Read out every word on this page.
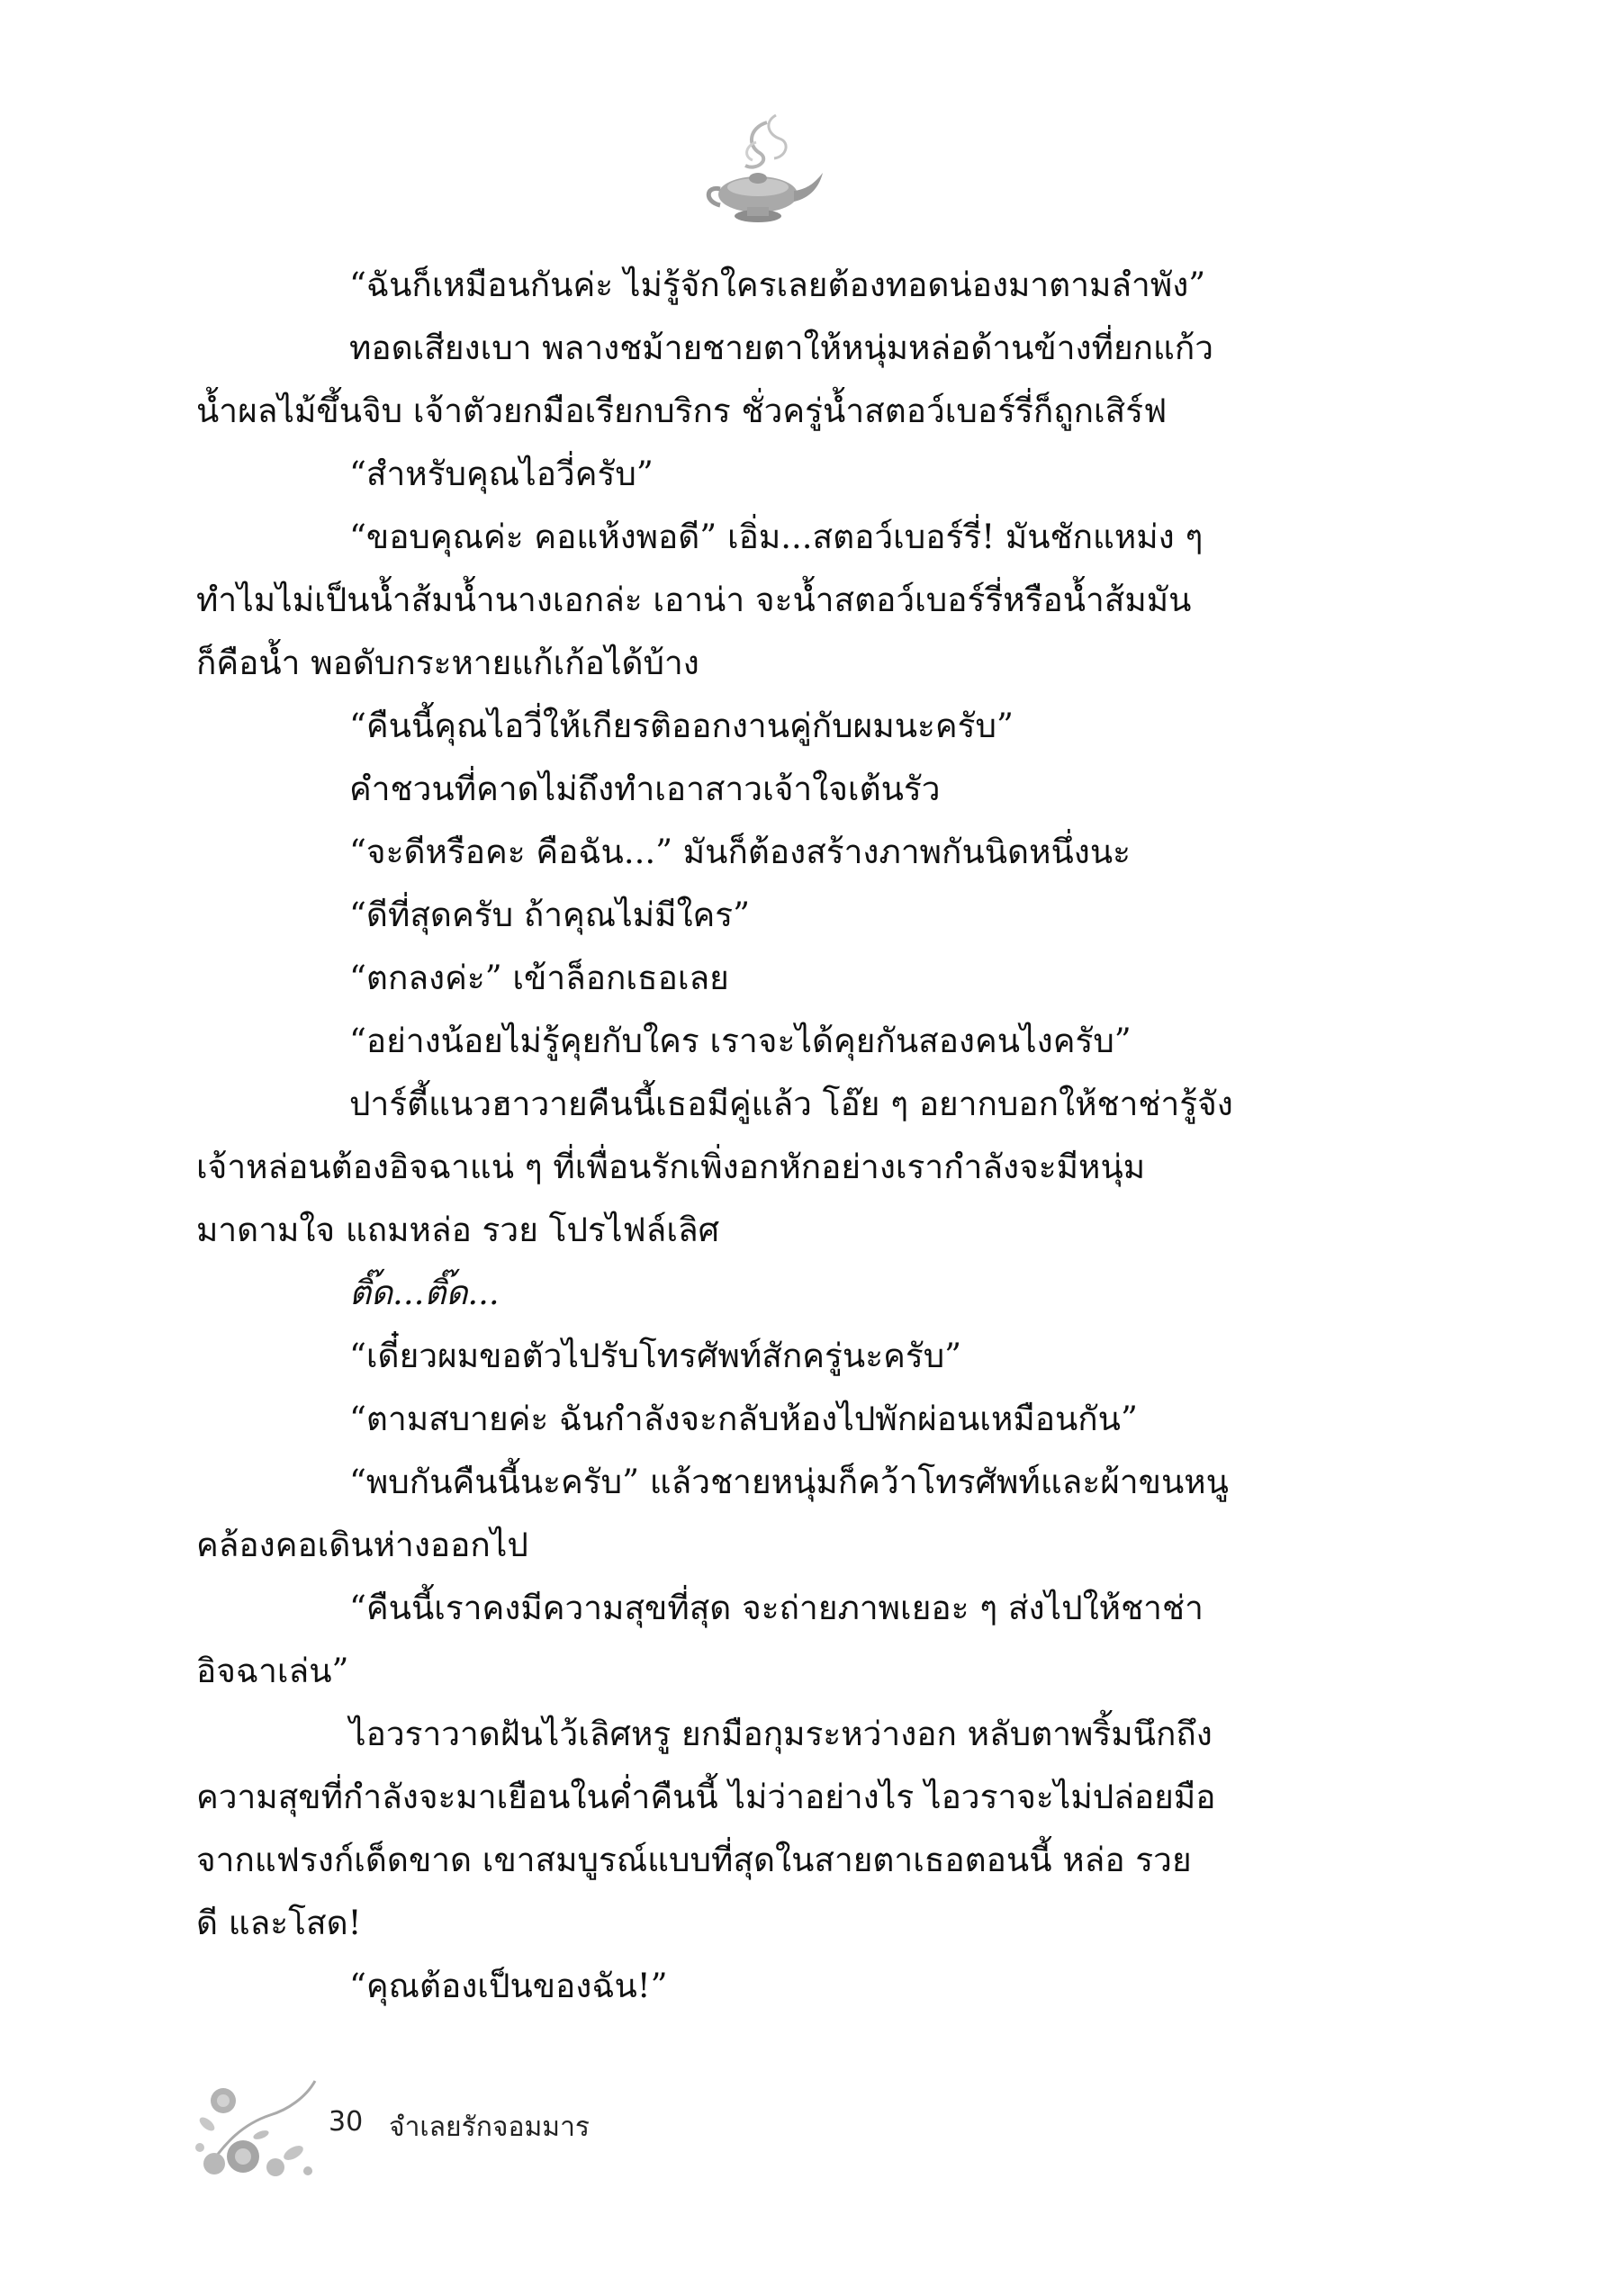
“ฉันก็เหมือนกันค่ะ ไม่รู้จักใครเลยต้องทอดน่องมาตามลำพัง”
ทอดเสียงเบา พลางชม้ายชายตาให้หนุ่มหล่อด้านข้างที่ยกแก้ว
น้ำผลไม้ขึ้นจิบ เจ้าตัวยกมือเรียกบริกร ชั่วครู่น้ำสตอว์เบอร์รี่ก็ถูกเสิร์ฟ
“สำหรับคุณไอวี่ครับ”
“ขอบคุณค่ะ คอแห้งพอดี” เอิ่ม...สตอว์เบอร์รี่! มันชักแหม่ง ๆ
ทำไมไม่เป็นน้ำส้มน้ำนางเอกล่ะ เอาน่า จะน้ำสตอว์เบอร์รี่หรือน้ำส้มมัน
ก็คือน้ำ พอดับกระหายแก้เก้อได้บ้าง
“คืนนี้คุณไอวี่ให้เกียรติออกงานคู่กับผมนะครับ”
คำชวนที่คาดไม่ถึงทำเอาสาวเจ้าใจเต้นรัว
“จะดีหรือคะ คือฉัน...” มันก็ต้องสร้างภาพกันนิดหนึ่งนะ
“ดีที่สุดครับ ถ้าคุณไม่มีใคร”
“ตกลงค่ะ” เข้าล็อกเธอเลย
“อย่างน้อยไม่รู้คุยกับใคร เราจะได้คุยกันสองคนไงครับ”
ปาร์ตี้แนวฮาวายคืนนี้เธอมีคู่แล้ว โอ๊ย ๆ อยากบอกให้ชาช่ารู้จัง
เจ้าหล่อนต้องอิจฉาแน่ ๆ ที่เพื่อนรักเพิ่งอกหักอย่างเรากำลังจะมีหนุ่ม
มาดามใจ แถมหล่อ รวย โปรไฟล์เลิศ
ติ๊ด...ติ๊ด...
“เดี๋ยวผมขอตัวไปรับโทรศัพท์สักครู่นะครับ”
“ตามสบายค่ะ ฉันกำลังจะกลับห้องไปพักผ่อนเหมือนกัน”
“พบกันคืนนี้นะครับ” แล้วชายหนุ่มก็คว้าโทรศัพท์และผ้าขนหนู
คล้องคอเดินห่างออกไป
“คืนนี้เราคงมีความสุขที่สุด จะถ่ายภาพเยอะ ๆ ส่งไปให้ชาช่า
อิจฉาเล่น”
ไอวราวาดฝันไว้เลิศหรู ยกมือกุมระหว่างอก หลับตาพริ้มนึกถึง
ความสุขที่กำลังจะมาเยือนในค่ำคืนนี้ ไม่ว่าอย่างไร ไอวราจะไม่ปล่อยมือ
จากแฟรงก์เด็ดขาด เขาสมบูรณ์แบบที่สุดในสายตาเธอตอนนี้ หล่อ รวย
ดี และโสด!
“คุณต้องเป็นของฉัน!”
30 จำเลยรักจอมมาร
